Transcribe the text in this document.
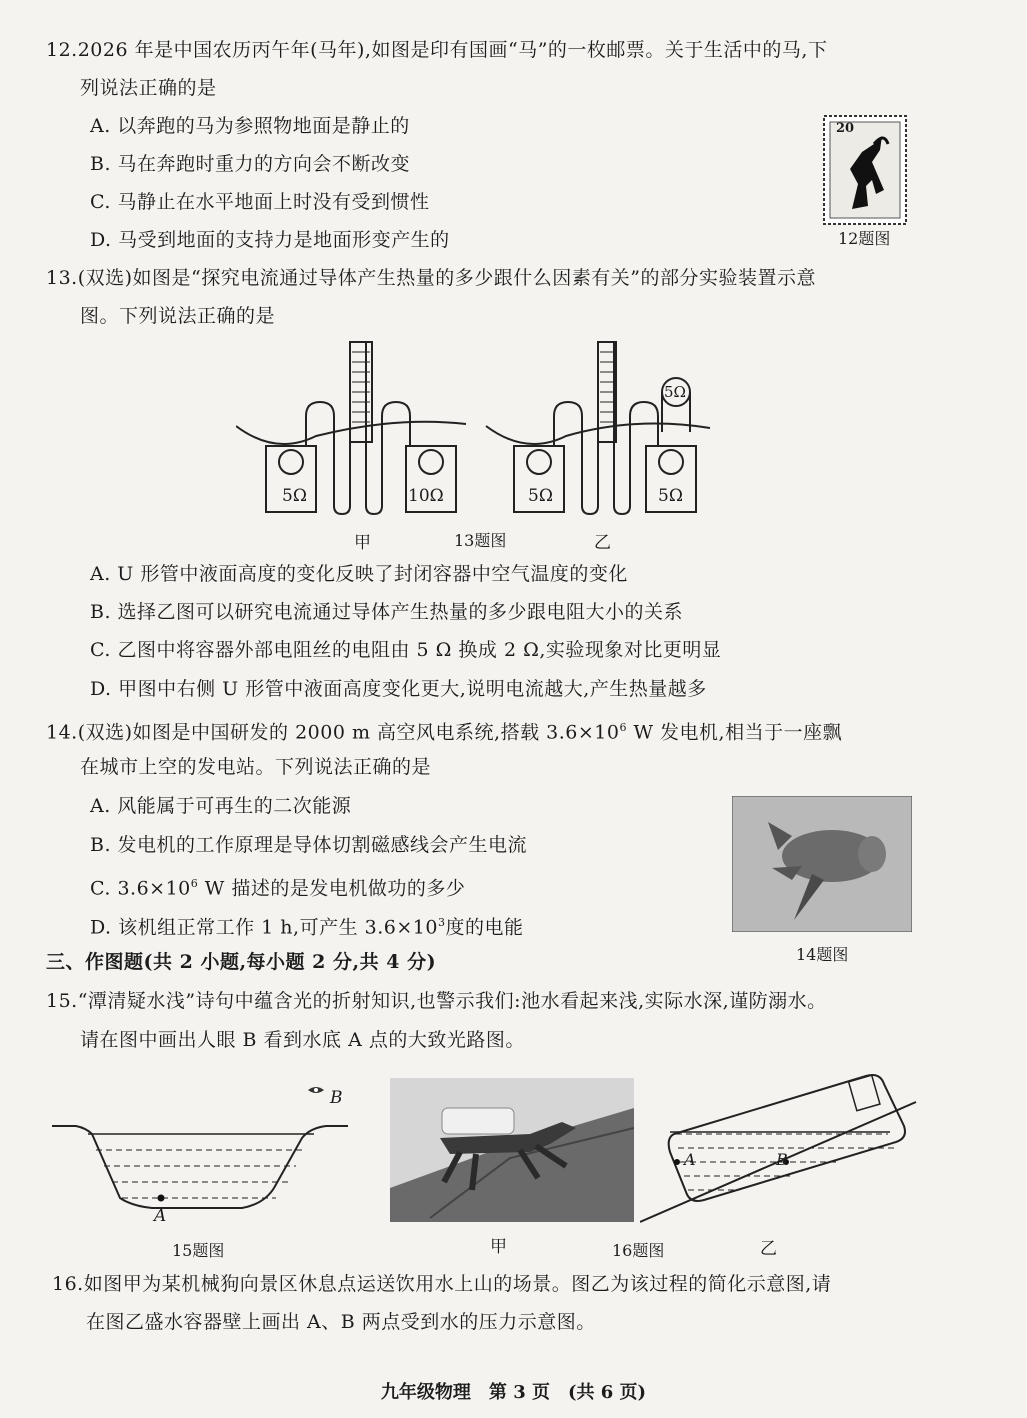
12.2026 年是中国农历丙午年(马年),如图是印有国画“马”的一枚邮票。关于生活中的马,下
列说法正确的是
A. 以奔跑的马为参照物地面是静止的
B. 马在奔跑时重力的方向会不断改变
C. 马静止在水平地面上时没有受到惯性
D. 马受到地面的支持力是地面形变产生的
20
12题图
13.(双选)如图是“探究电流通过导体产生热量的多少跟什么因素有关”的部分实验装置示意
图。下列说法正确的是
5Ω	10Ω	5Ω	5Ω
5Ω
甲	13题图	乙
A. U 形管中液面高度的变化反映了封闭容器中空气温度的变化
B. 选择乙图可以研究电流通过导体产生热量的多少跟电阻大小的关系
C. 乙图中将容器外部电阻丝的电阻由 5 Ω 换成 2 Ω,实验现象对比更明显
D. 甲图中右侧 U 形管中液面高度变化更大,说明电流越大,产生热量越多
14.(双选)如图是中国研发的 2000 m 高空风电系统,搭载 $3.6\times 10^6$ W 发电机,相当于一座飘
在城市上空的发电站。下列说法正确的是
A. 风能属于可再生的二次能源
B. 发电机的工作原理是导体切割磁感线会产生电流
C. $3.6\times 10^6$ W 描述的是发电机做功的多少
D. 该机组正常工作 1 h,可产生 $3.6\times 10^3$度的电能
14题图
三、作图题(共 2 小题,每小题 2 分,共 4 分)
15.“潭清疑水浅”诗句中蕴含光的折射知识,也警示我们:池水看起来浅,实际水深,谨防溺水。
请在图中画出人眼 B 看到水底 A 点的大致光路图。
B
A
15题图	甲	16题图
A	B
乙
16.如图甲为某机械狗向景区休息点运送饮用水上山的场景。图乙为该过程的简化示意图,请
在图乙盛水容器壁上画出 A、B 两点受到水的压力示意图。
九年级物理　第 3 页　(共 6 页)
